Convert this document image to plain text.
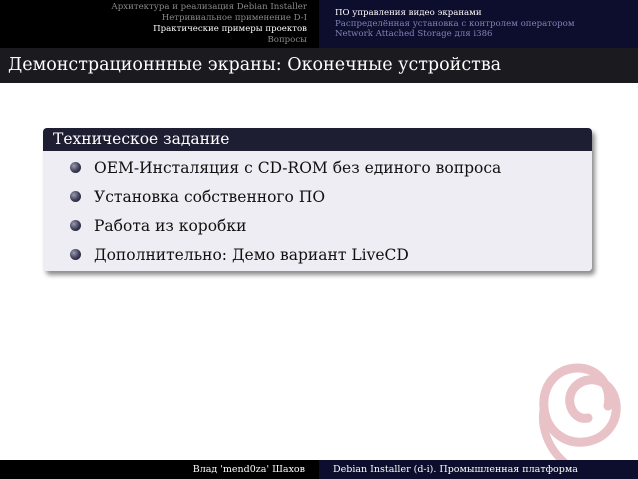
Архитектура и реализация Debian Installer
Нетривиальное применение D-I
Практические примеры проектов
Вопросы
ПО управления видео экранами
Распределённая установка с контролем оператором
Network Attached Storage для i386
Демонстрационнные экраны: Оконечные устройства
Техническое задание
OEM-Инсталяция с CD-ROM без единого вопроса
Установка собственного ПО
Работа из коробки
Дополнительно: Демо вариант LiveCD
Влад 'mend0za' Шахов	Debian Installer (d-i). Промышленная платформа
